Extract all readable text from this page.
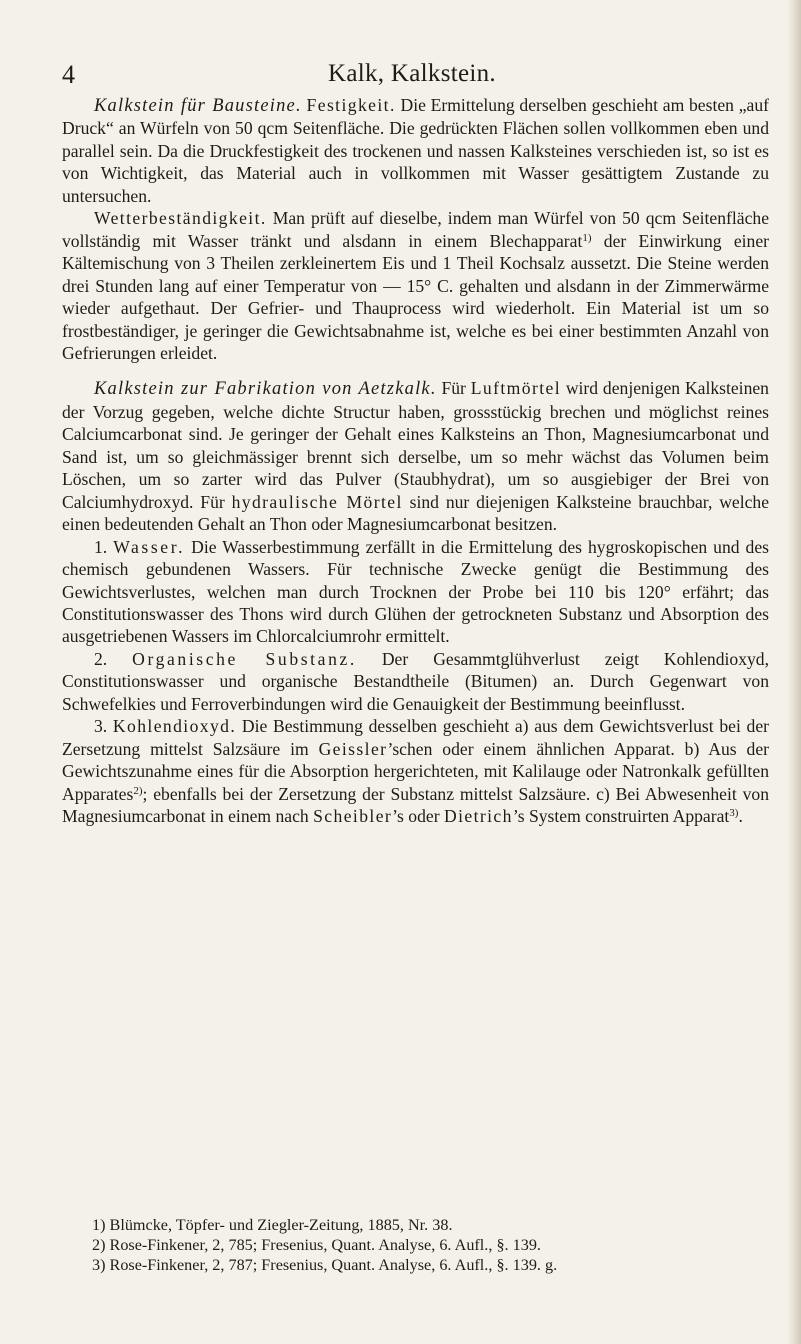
4	Kalk, Kalkstein.

Kalkstein für Bausteine. Festigkeit. Die Ermittelung derselben geschieht am besten „auf Druck“ an Würfeln von 50 qcm Seitenfläche. Die gedrückten Flächen sollen vollkommen eben und parallel sein. Da die Druckfestigkeit des trockenen und nassen Kalksteines verschieden ist, so ist es von Wichtigkeit, das Material auch in vollkommen mit Wasser gesättigtem Zustande zu untersuchen.

Wetterbeständigkeit. Man prüft auf dieselbe, indem man Würfel von 50 qcm Seitenfläche vollständig mit Wasser tränkt und alsdann in einem Blechapparat$^{1)}$ der Einwirkung einer Kältemischung von 3 Theilen zerkleinertem Eis und 1 Theil Kochsalz aussetzt. Die Steine werden drei Stunden lang auf einer Temperatur von — 15° C. gehalten und alsdann in der Zimmerwärme wieder aufgethaut. Der Gefrier- und Thauprocess wird wiederholt. Ein Material ist um so frostbeständiger, je geringer die Gewichtsabnahme ist, welche es bei einer bestimmten Anzahl von Gefrierungen erleidet.

Kalkstein zur Fabrikation von Aetzkalk. Für Luftmörtel wird denjenigen Kalksteinen der Vorzug gegeben, welche dichte Structur haben, grossstückig brechen und möglichst reines Calciumcarbonat sind. Je geringer der Gehalt eines Kalksteins an Thon, Magnesiumcarbonat und Sand ist, um so gleichmässiger brennt sich derselbe, um so mehr wächst das Volumen beim Löschen, um so zarter wird das Pulver (Staubhydrat), um so ausgiebiger der Brei von Calciumhydroxyd. Für hydraulische Mörtel sind nur diejenigen Kalksteine brauchbar, welche einen bedeutenden Gehalt an Thon oder Magnesiumcarbonat besitzen.

1. Wasser. Die Wasserbestimmung zerfällt in die Ermittelung des hygroskopischen und des chemisch gebundenen Wassers. Für technische Zwecke genügt die Bestimmung des Gewichtsverlustes, welchen man durch Trocknen der Probe bei 110 bis 120° erfährt; das Constitutionswasser des Thons wird durch Glühen der getrockneten Substanz und Absorption des ausgetriebenen Wassers im Chlorcalciumrohr ermittelt.

2. Organische Substanz. Der Gesammtglühverlust zeigt Kohlendioxyd, Constitutionswasser und organische Bestandtheile (Bitumen) an. Durch Gegenwart von Schwefelkies und Ferroverbindungen wird die Genauigkeit der Bestimmung beeinflusst.

3. Kohlendioxyd. Die Bestimmung desselben geschieht a) aus dem Gewichtsverlust bei der Zersetzung mittelst Salzsäure im Geissler’schen oder einem ähnlichen Apparat. b) Aus der Gewichtszunahme eines für die Absorption hergerichteten, mit Kalilauge oder Natronkalk gefüllten Apparates$^{2)}$; ebenfalls bei der Zersetzung der Substanz mittelst Salzsäure. c) Bei Abwesenheit von Magnesiumcarbonat in einem nach Scheibler’s oder Dietrich’s System construirten Apparat$^{3)}$.

1) Blümcke, Töpfer- und Ziegler-Zeitung, 1885, Nr. 38.
2) Rose-Finkener, 2, 785; Fresenius, Quant. Analyse, 6. Aufl., §. 139.
3) Rose-Finkener, 2, 787; Fresenius, Quant. Analyse, 6. Aufl., §. 139. g.
